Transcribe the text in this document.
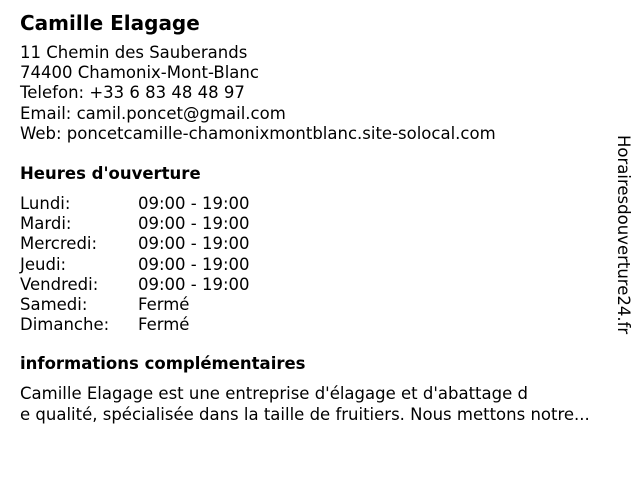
Camille Elagage
11 Chemin des Sauberands
74400 Chamonix-Mont-Blanc
Telefon: +33 6 83 48 48 97
Email: camil.poncet@gmail.com
Web: poncetcamille-chamonixmontblanc.site-solocal.com
Heures d'ouverture
Lundi:	09:00 - 19:00
Mardi:	09:00 - 19:00
Mercredi:	09:00 - 19:00
Jeudi:	09:00 - 19:00
Vendredi:	09:00 - 19:00
Samedi:	Fermé
Dimanche:	Fermé
informations complémentaires
Camille Elagage est une entreprise d'élagage et d'abattage d
e qualité, spécialisée dans la taille de fruitiers. Nous mettons notre...
Horairesdouverture24.fr
